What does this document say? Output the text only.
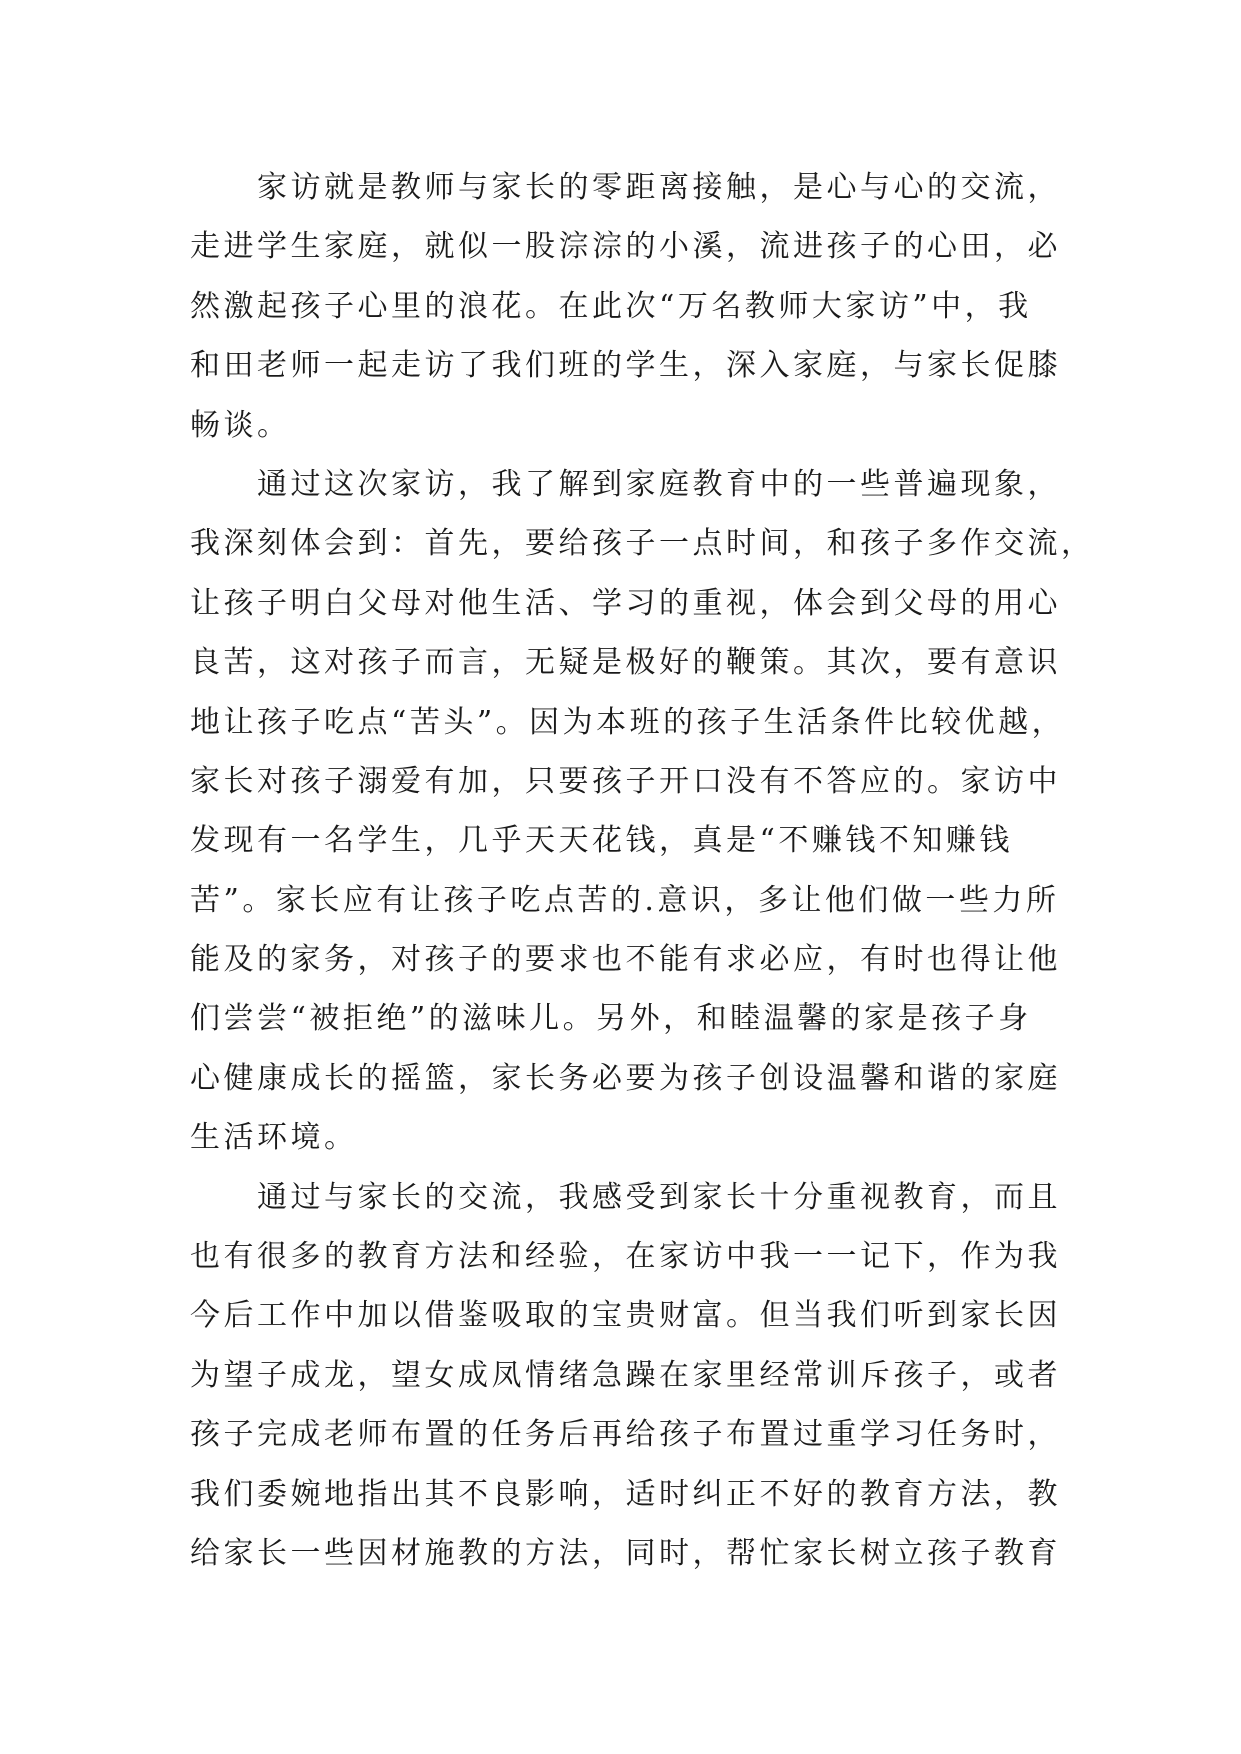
家访就是教师与家长的零距离接触，是心与心的交流，
走进学生家庭，就似一股淙淙的小溪，流进孩子的心田，必
然激起孩子心里的浪花。在此次“万名教师大家访”中，我
和田老师一起走访了我们班的学生，深入家庭，与家长促膝
畅谈。
通过这次家访，我了解到家庭教育中的一些普遍现象，
我深刻体会到：首先，要给孩子一点时间，和孩子多作交流，
让孩子明白父母对他生活、学习的重视，体会到父母的用心
良苦，这对孩子而言，无疑是极好的鞭策。其次，要有意识
地让孩子吃点“苦头”。因为本班的孩子生活条件比较优越，
家长对孩子溺爱有加，只要孩子开口没有不答应的。家访中
发现有一名学生，几乎天天花钱，真是“不赚钱不知赚钱
苦”。家长应有让孩子吃点苦的.意识，多让他们做一些力所
能及的家务，对孩子的要求也不能有求必应，有时也得让他
们尝尝“被拒绝”的滋味儿。另外，和睦温馨的家是孩子身
心健康成长的摇篮，家长务必要为孩子创设温馨和谐的家庭
生活环境。
通过与家长的交流，我感受到家长十分重视教育，而且
也有很多的教育方法和经验，在家访中我一一记下，作为我
今后工作中加以借鉴吸取的宝贵财富。但当我们听到家长因
为望子成龙，望女成凤情绪急躁在家里经常训斥孩子，或者
孩子完成老师布置的任务后再给孩子布置过重学习任务时，
我们委婉地指出其不良影响，适时纠正不好的教育方法，教
给家长一些因材施教的方法，同时，帮忙家长树立孩子教育
